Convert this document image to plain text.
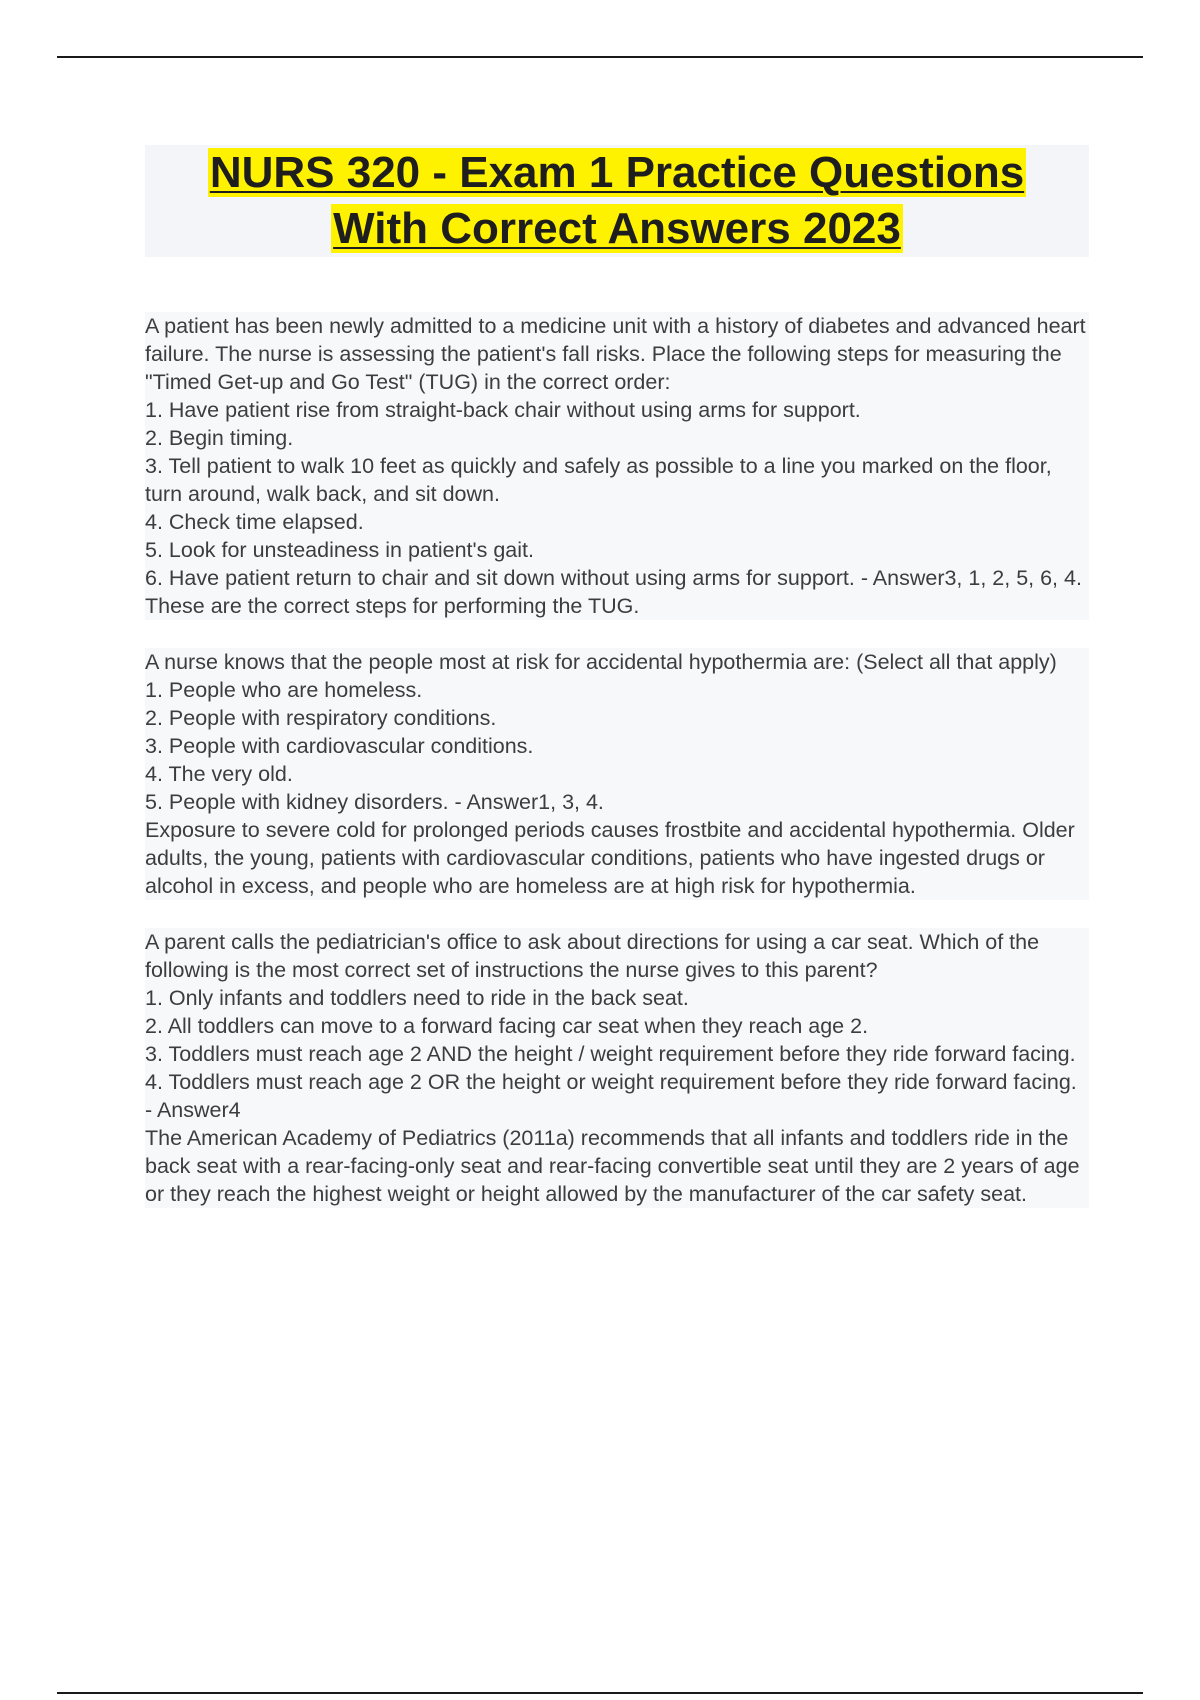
NURS 320 - Exam 1 Practice Questions
With Correct Answers 2023

A patient has been newly admitted to a medicine unit with a history of diabetes and advanced heart failure. The nurse is assessing the patient's fall risks. Place the following steps for measuring the "Timed Get-up and Go Test" (TUG) in the correct order:

1. Have patient rise from straight-back chair without using arms for support.

2. Begin timing.

3. Tell patient to walk 10 feet as quickly and safely as possible to a line you marked on the floor, turn around, walk back, and sit down.

4. Check time elapsed.

5. Look for unsteadiness in patient's gait.

6. Have patient return to chair and sit down without using arms for support. - Answer3, 1, 2, 5, 6, 4.

These are the correct steps for performing the TUG.

A nurse knows that the people most at risk for accidental hypothermia are: (Select all that apply)

1. People who are homeless.

2. People with respiratory conditions.

3. People with cardiovascular conditions.

4. The very old.

5. People with kidney disorders. - Answer1, 3, 4.

Exposure to severe cold for prolonged periods causes frostbite and accidental hypothermia. Older adults, the young, patients with cardiovascular conditions, patients who have ingested drugs or alcohol in excess, and people who are homeless are at high risk for hypothermia.

A parent calls the pediatrician's office to ask about directions for using a car seat. Which of the following is the most correct set of instructions the nurse gives to this parent?

1. Only infants and toddlers need to ride in the back seat.

2. All toddlers can move to a forward facing car seat when they reach age 2.

3. Toddlers must reach age 2 AND the height / weight requirement before they ride forward facing.

4. Toddlers must reach age 2 OR the height or weight requirement before they ride forward facing. - Answer4

The American Academy of Pediatrics (2011a) recommends that all infants and toddlers ride in the back seat with a rear-facing-only seat and rear-facing convertible seat until they are 2 years of age or they reach the highest weight or height allowed by the manufacturer of the car safety seat.
